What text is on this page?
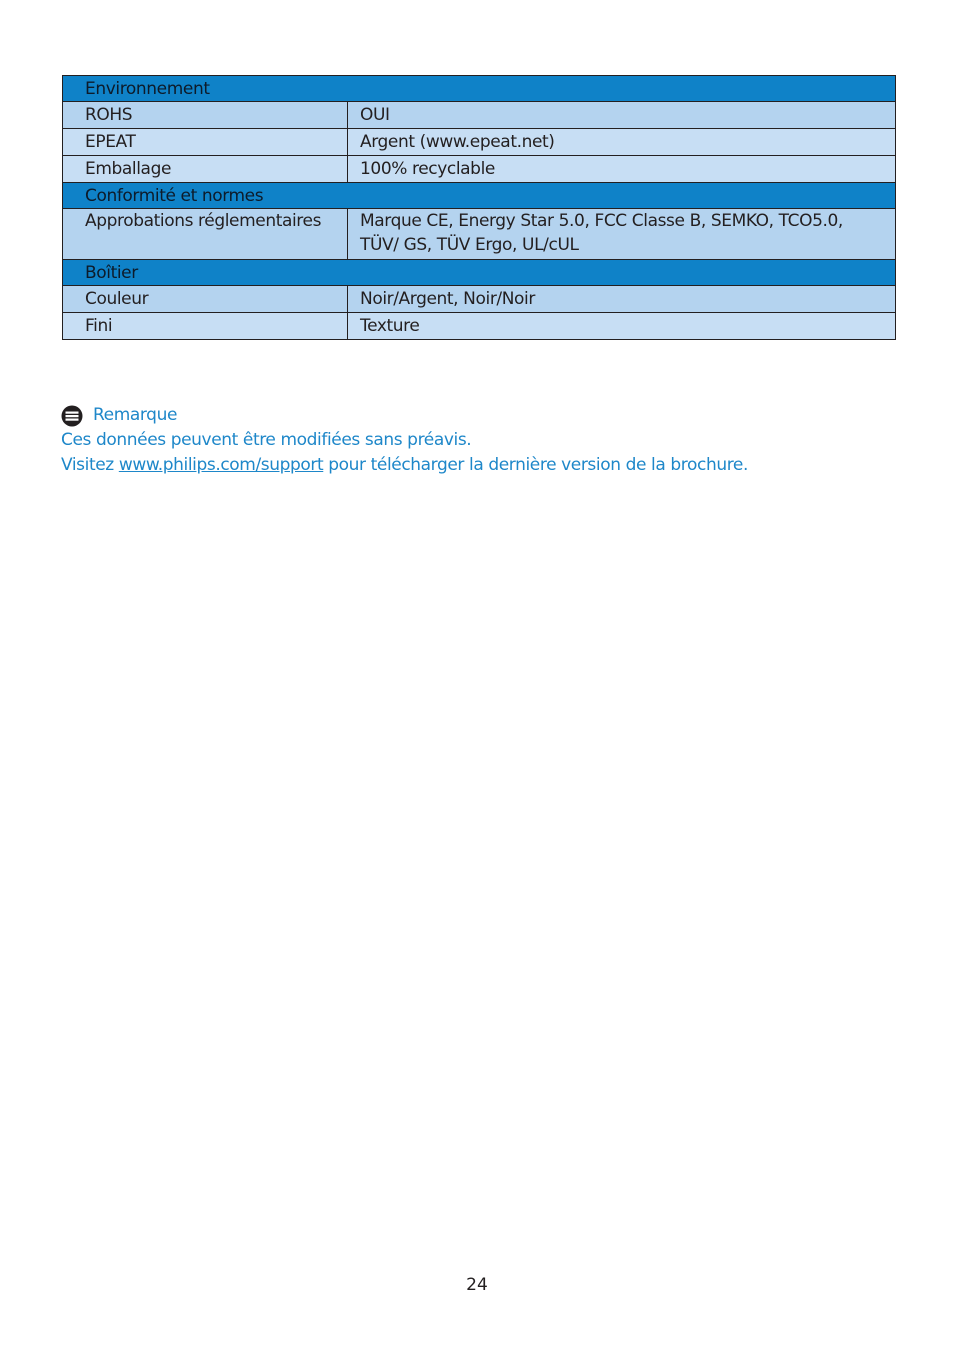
Environnement	
ROHS	OUI
EPEAT	Argent (www.epeat.net)
Emballage	100% recyclable
Conformité et normes	
Approbations réglementaires	Marque CE, Energy Star 5.0, FCC Classe B, SEMKO, TCO5.0, TÜV/ GS, TÜV Ergo, UL/cUL
Boîtier	
Couleur	Noir/Argent, Noir/Noir
Fini	Texture
Remarque
Ces données peuvent être modifiées sans préavis.
Visitez www.philips.com/support pour télécharger la dernière version de la brochure.
24
